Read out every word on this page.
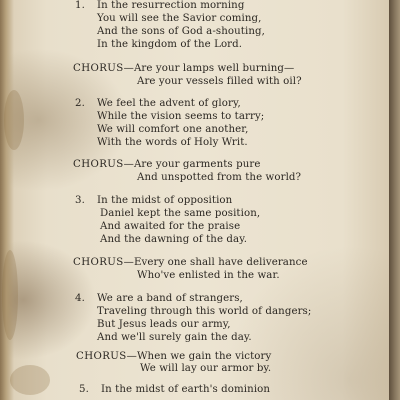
1. In the resurrection morning
You will see the Savior coming,
And the sons of God a-shouting,
In the kingdom of the Lord.
CHORUS—Are your lamps well burning—
Are your vessels filled with oil?
2. We feel the advent of glory,
While the vision seems to tarry;
We will comfort one another,
With the words of Holy Writ.
CHORUS—Are your garments pure
And unspotted from the world?
3. In the midst of opposition
Daniel kept the same position,
And awaited for the praise
And the dawning of the day.
CHORUS—Every one shall have deliverance
Who've enlisted in the war.
4. We are a band of strangers,
Traveling through this world of dangers;
But Jesus leads our army,
And we'll surely gain the day.
CHORUS—When we gain the victory
We will lay our armor by.
5. In the midst of earth's dominion
